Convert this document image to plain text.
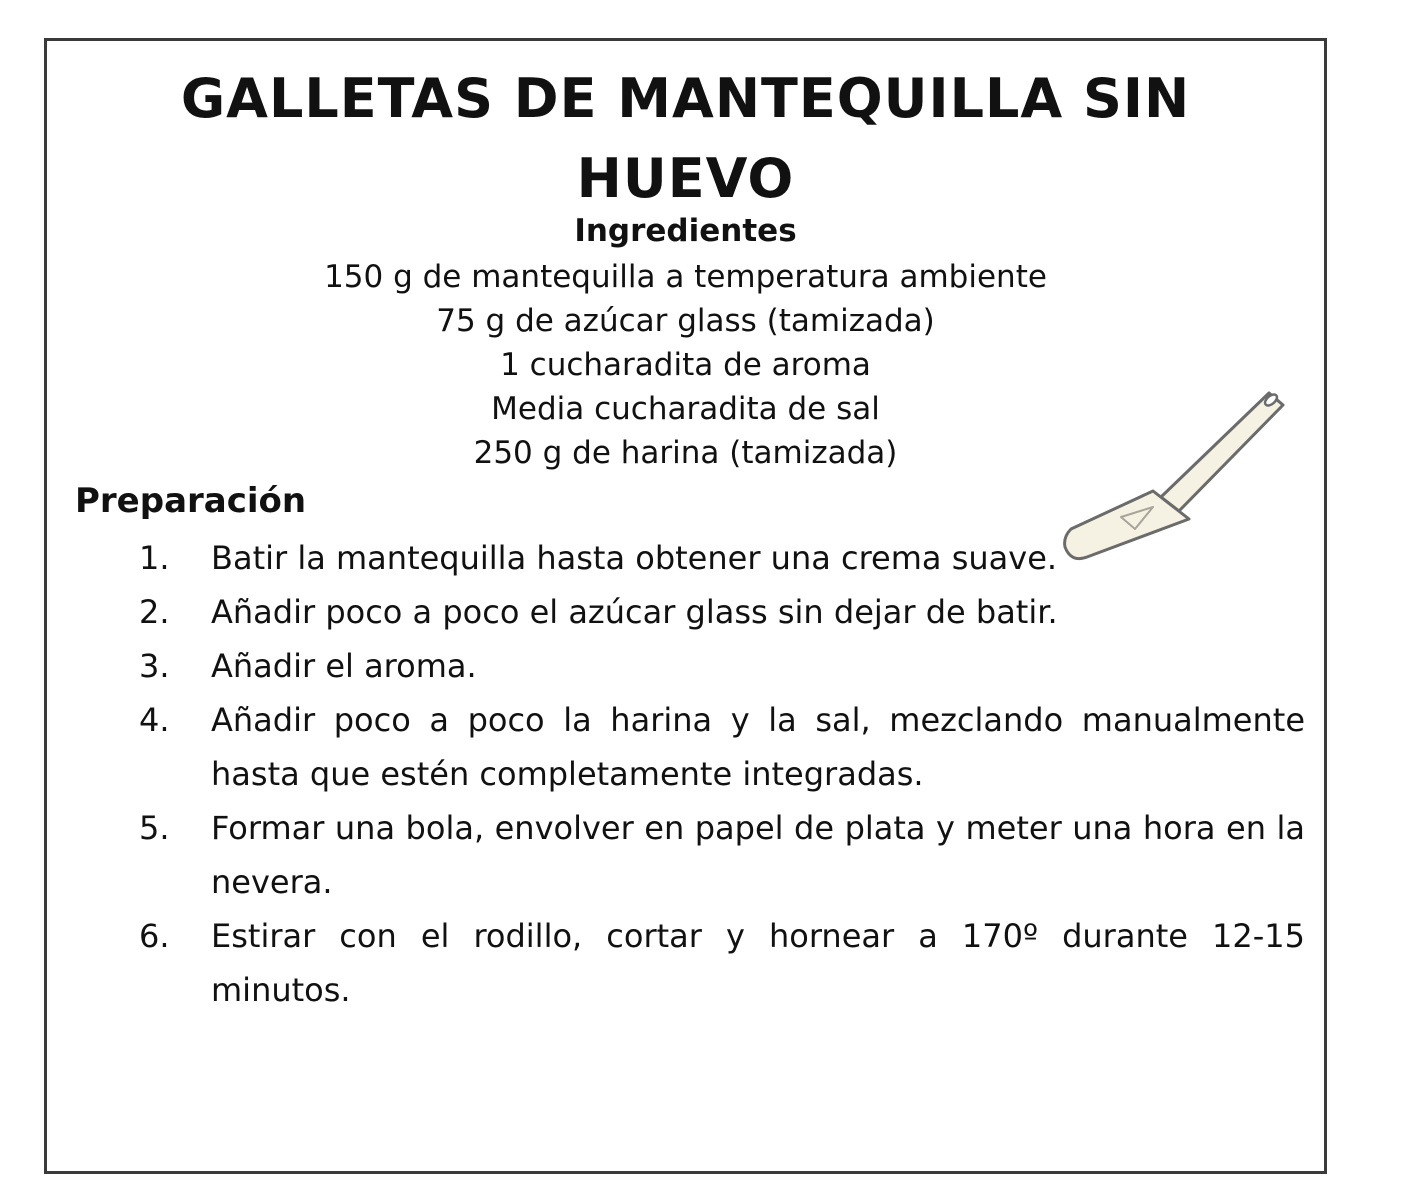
GALLETAS DE MANTEQUILLA SIN
HUEVO
Ingredientes
150 g de mantequilla a temperatura ambiente
75 g de azúcar glass (tamizada)
1 cucharadita de aroma
Media cucharadita de sal
250 g de harina (tamizada)
Preparación
1.	Batir la mantequilla hasta obtener una crema suave.
2.	Añadir poco a poco el azúcar glass sin dejar de batir.
3.	Añadir el aroma.
4.	Añadir poco a poco la harina y la sal, mezclando manualmente hasta que estén completamente integradas.
5.	Formar una bola, envolver en papel de plata y meter una hora en la nevera.
6.	Estirar con el rodillo, cortar y hornear a 170º durante 12-15 minutos.
